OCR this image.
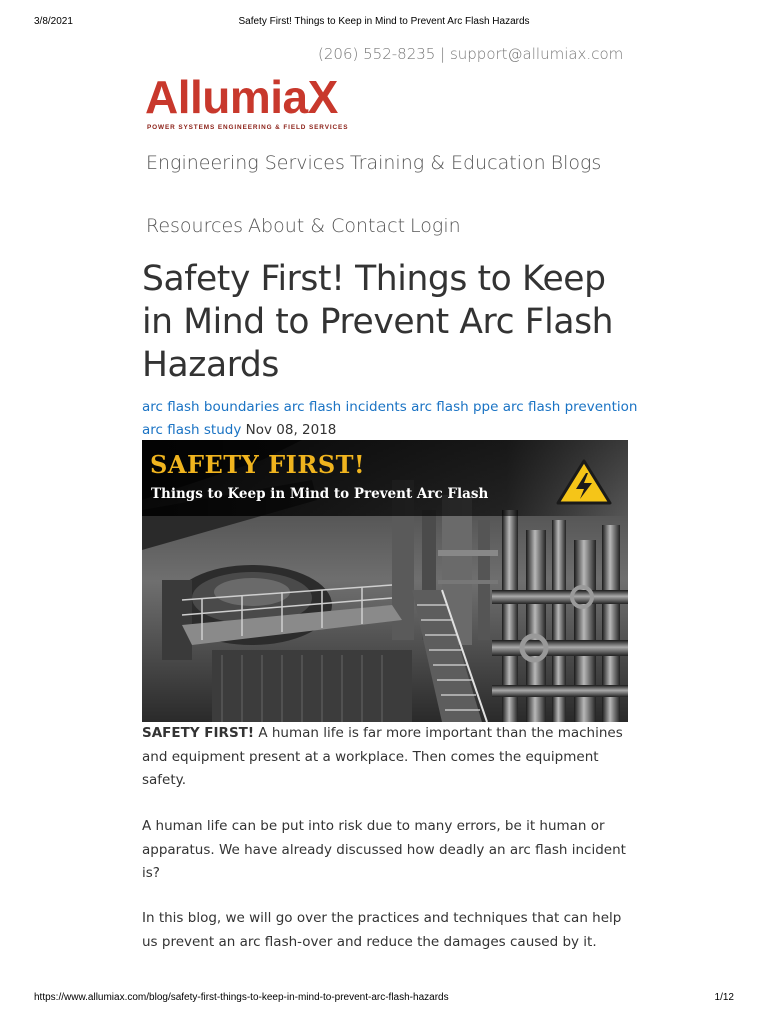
3/8/2021	Safety First! Things to Keep in Mind to Prevent Arc Flash Hazards
(206) 552-8235 | support@allumiax.com
AllumiaX
POWER SYSTEMS ENGINEERING & FIELD SERVICES
Engineering Services Training & Education Blogs
Resources About & Contact Login
Safety First! Things to Keep in Mind to Prevent Arc Flash Hazards
arc flash boundaries arc flash incidents arc flash ppe arc flash prevention arc flash study Nov 08, 2018
SAFETY FIRST!
Things to Keep in Mind to Prevent Arc Flash

SAFETY FIRST! A human life is far more important than the machines and equipment present at a workplace. Then comes the equipment safety.

A human life can be put into risk due to many errors, be it human or apparatus. We have already discussed how deadly an arc flash incident is?

In this blog, we will go over the practices and techniques that can help us prevent an arc flash-over and reduce the damages caused by it.

https://www.allumiax.com/blog/safety-first-things-to-keep-in-mind-to-prevent-arc-flash-hazards	1/12
